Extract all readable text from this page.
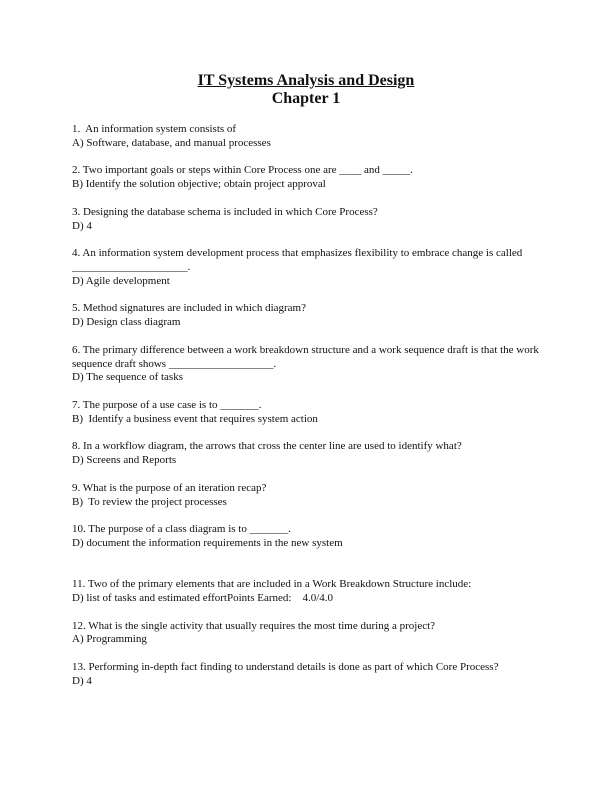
IT Systems Analysis and Design
Chapter 1
1.  An information system consists of
A) Software, database, and manual processes
2. Two important goals or steps within Core Process one are ____ and _____.
B) Identify the solution objective; obtain project approval
3. Designing the database schema is included in which Core Process?
D) 4
4. An information system development process that emphasizes flexibility to embrace change is called _____________________.
D) Agile development
5. Method signatures are included in which diagram?
D) Design class diagram
6. The primary difference between a work breakdown structure and a work sequence draft is that the work sequence draft shows ___________________.
D) The sequence of tasks
7. The purpose of a use case is to _______.
B)  Identify a business event that requires system action
8. In a workflow diagram, the arrows that cross the center line are used to identify what?
D) Screens and Reports
9. What is the purpose of an iteration recap?
B)  To review the project processes
10. The purpose of a class diagram is to _______.
D) document the information requirements in the new system
11. Two of the primary elements that are included in a Work Breakdown Structure include:
D) list of tasks and estimated effortPoints Earned:    4.0/4.0
12. What is the single activity that usually requires the most time during a project?
A) Programming
13. Performing in-depth fact finding to understand details is done as part of which Core Process?
D) 4
